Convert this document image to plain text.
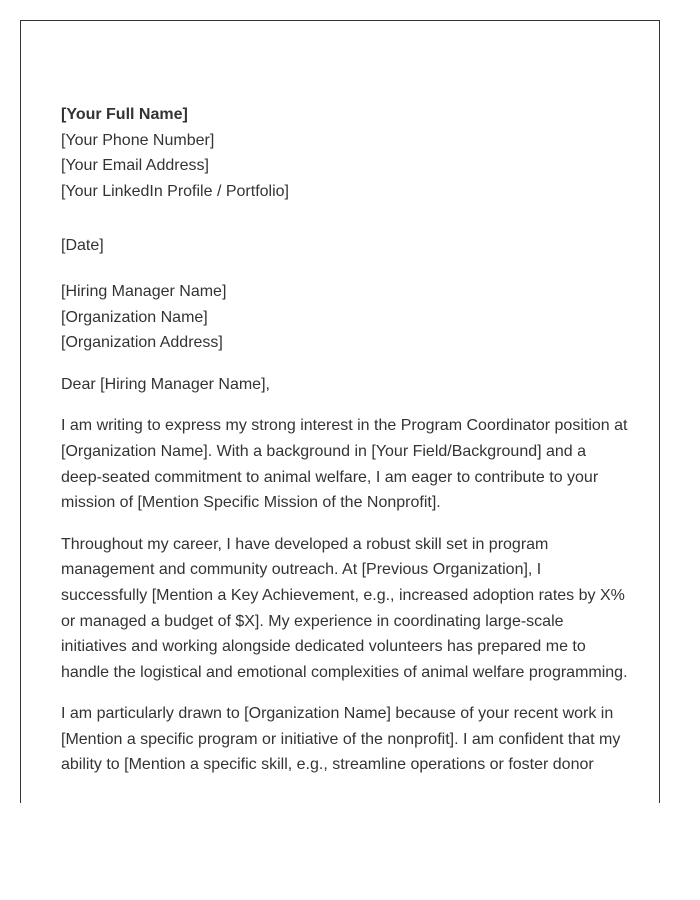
[Your Full Name]
[Your Phone Number]
[Your Email Address]
[Your LinkedIn Profile / Portfolio]
[Date]
[Hiring Manager Name]
[Organization Name]
[Organization Address]
Dear [Hiring Manager Name],

I am writing to express my strong interest in the Program Coordinator position at [Organization Name]. With a background in [Your Field/Background] and a deep-seated commitment to animal welfare, I am eager to contribute to your mission of [Mention Specific Mission of the Nonprofit].

Throughout my career, I have developed a robust skill set in program management and community outreach. At [Previous Organization], I successfully [Mention a Key Achievement, e.g., increased adoption rates by X% or managed a budget of $X]. My experience in coordinating large-scale initiatives and working alongside dedicated volunteers has prepared me to handle the logistical and emotional complexities of animal welfare programming.

I am particularly drawn to [Organization Name] because of your recent work in [Mention a specific program or initiative of the nonprofit]. I am confident that my ability to [Mention a specific skill, e.g., streamline operations or foster donor
